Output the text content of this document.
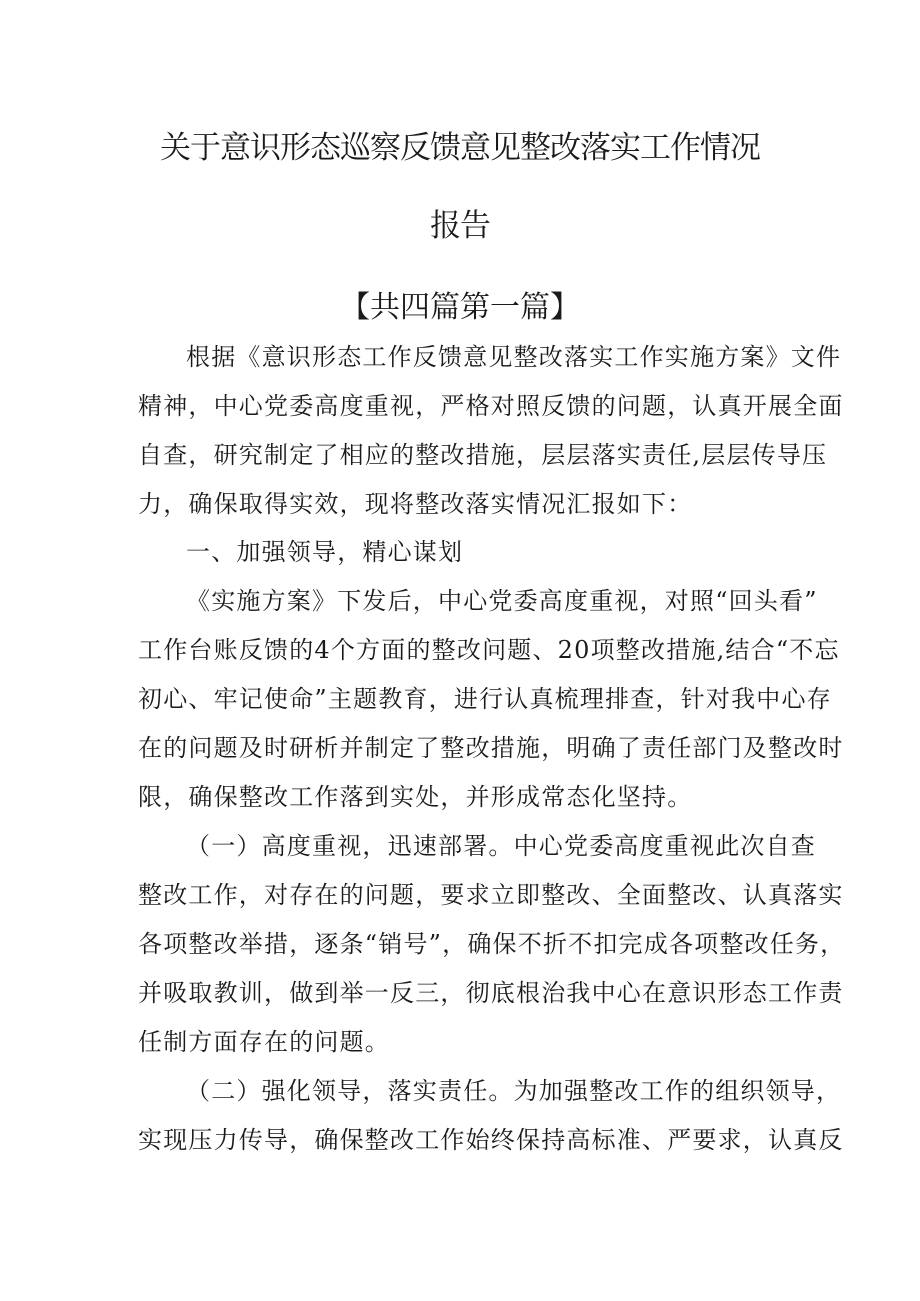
关于意识形态巡察反馈意见整改落实工作情况
报告
【共四篇第一篇】
根据《意识形态工作反馈意见整改落实工作实施方案》文件
精神，中心党委高度重视，严格对照反馈的问题，认真开展全面
自查，研究制定了相应的整改措施，层层落实责任,层层传导压
力，确保取得实效，现将整改落实情况汇报如下：
一、加强领导，精心谋划
《实施方案》下发后，中心党委高度重视，对照“回头看”
工作台账反馈的4个方面的整改问题、20项整改措施,结合“不忘
初心、牢记使命”主题教育，进行认真梳理排查，针对我中心存
在的问题及时研析并制定了整改措施，明确了责任部门及整改时
限，确保整改工作落到实处，并形成常态化坚持。
（一）高度重视，迅速部署。中心党委高度重视此次自查
整改工作，对存在的问题，要求立即整改、全面整改、认真落实
各项整改举措，逐条“销号”，确保不折不扣完成各项整改任务，
并吸取教训，做到举一反三，彻底根治我中心在意识形态工作责
任制方面存在的问题。
（二）强化领导，落实责任。为加强整改工作的组织领导，
实现压力传导，确保整改工作始终保持高标准、严要求，认真反
